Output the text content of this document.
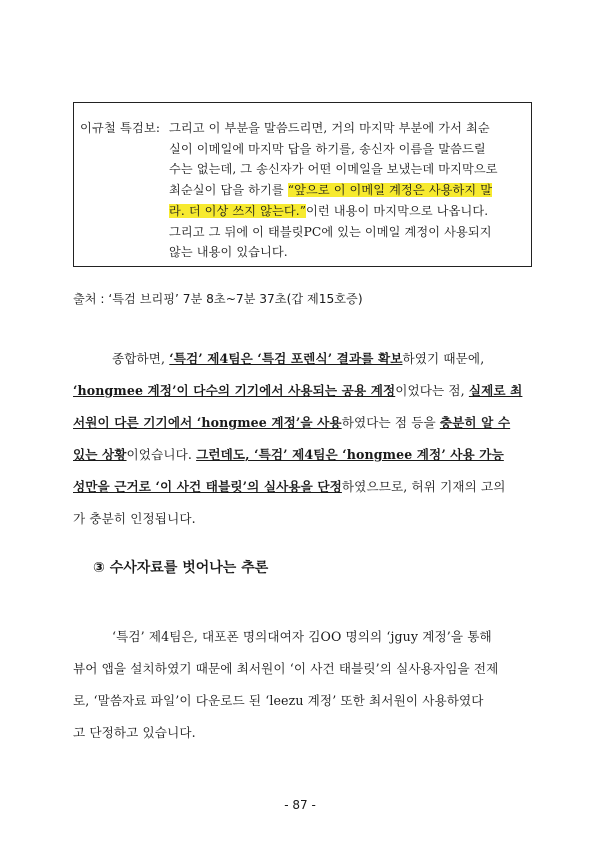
이규철 특검보: 그리고 이 부분을 말씀드리면, 거의 마지막 부분에 가서 최순
실이 이메일에 마지막 답을 하기를, 송신자 이름을 말씀드릴
수는 없는데, 그 송신자가 어떤 이메일을 보냈는데 마지막으로
최순실이 답을 하기를 “앞으로 이 이메일 계정은 사용하지 말
라. 더 이상 쓰지 않는다.”이런 내용이 마지막으로 나옵니다.
그리고 그 뒤에 이 태블릿PC에 있는 이메일 계정이 사용되지
않는 내용이 있습니다.
출처 : ‘특검 브리핑’ 7분 8초~7분 37초(갑 제15호증)
종합하면, ‘특검’ 제4팀은 ‘특검 포렌식’ 결과를 확보하였기 때문에,
‘hongmee 계정’이 다수의 기기에서 사용되는 공용 계정이었다는 점, 실제로 최
서원이 다른 기기에서 ‘hongmee 계정’을 사용하였다는 점 등을 충분히 알 수
있는 상황이었습니다. 그런데도, ‘특검’ 제4팀은 ‘hongmee 계정’ 사용 가능
성만을 근거로 ‘이 사건 태블릿’의 실사용을 단정하였으므로, 허위 기재의 고의
가 충분히 인정됩니다.
③ 수사자료를 벗어나는 추론
‘특검’ 제4팀은, 대포폰 명의대여자 김OO 명의의 ‘jguy 계정’을 통해
뷰어 앱을 설치하였기 때문에 최서원이 ‘이 사건 태블릿’의 실사용자임을 전제
로, ‘말씀자료 파일’이 다운로드 된 ‘leezu 계정’ 또한 최서원이 사용하였다
고 단정하고 있습니다.
- 87 -
